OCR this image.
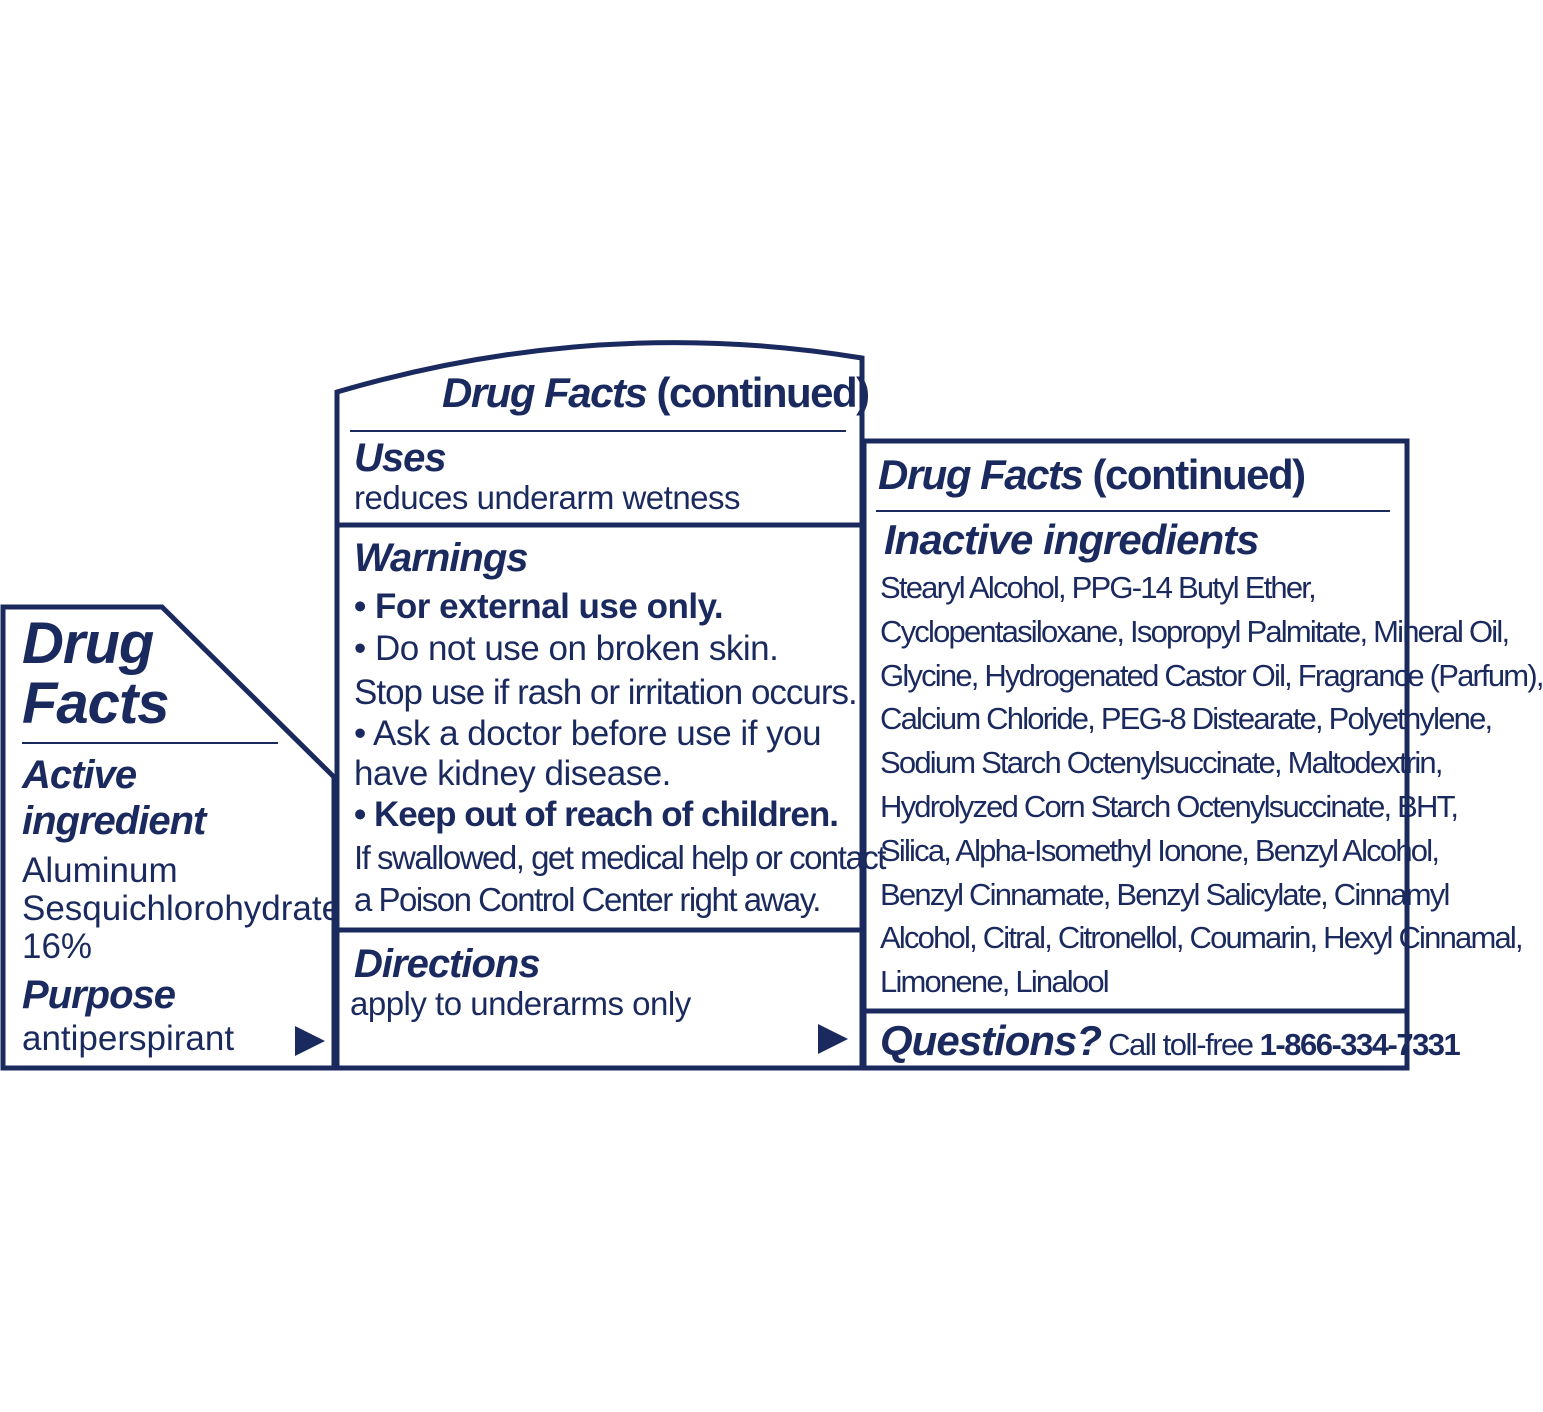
Drug
Facts
Active
ingredient
Aluminum
Sesquichlorohydrate
16%
Purpose
antiperspirant
Drug Facts (continued)
Uses
reduces underarm wetness
Warnings
• For external use only.
• Do not use on broken skin.
Stop use if rash or irritation occurs.
• Ask a doctor before use if you
have kidney disease.
• Keep out of reach of children.
If swallowed, get medical help or contact
a Poison Control Center right away.
Directions
apply to underarms only
Drug Facts (continued)
Inactive ingredients
Stearyl Alcohol, PPG-14 Butyl Ether,
Cyclopentasiloxane, Isopropyl Palmitate, Mineral Oil,
Glycine, Hydrogenated Castor Oil, Fragrance (Parfum),
Calcium Chloride, PEG-8 Distearate, Polyethylene,
Sodium Starch Octenylsuccinate, Maltodextrin,
Hydrolyzed Corn Starch Octenylsuccinate, BHT,
Silica, Alpha-Isomethyl Ionone, Benzyl Alcohol,
Benzyl Cinnamate, Benzyl Salicylate, Cinnamyl
Alcohol, Citral, Citronellol, Coumarin, Hexyl Cinnamal,
Limonene, Linalool
Questions? Call toll-free 1-866-334-7331
